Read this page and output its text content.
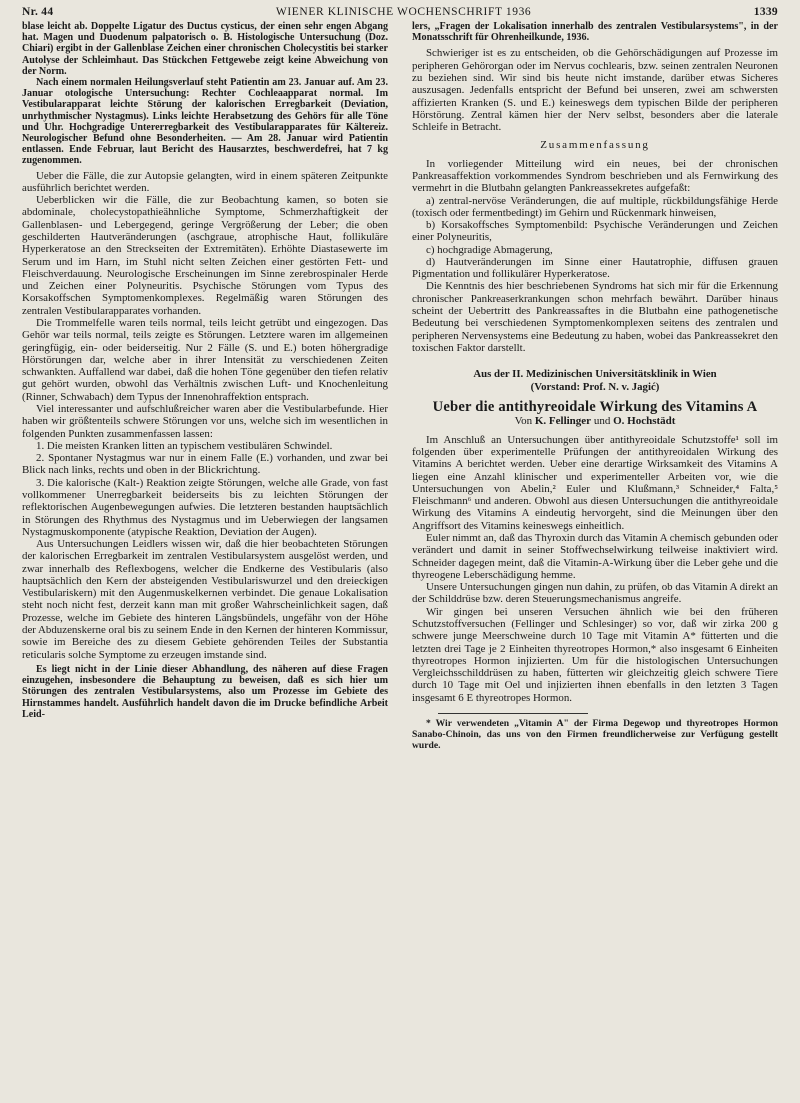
Nr. 44	WIENER KLINISCHE WOCHENSCHRIFT 1936	1339

blase leicht ab. Doppelte Ligatur des Ductus cysticus, der einen sehr engen Abgang hat. Magen und Duodenum palpatorisch o. B. Histologische Untersuchung (Doz. Chiari) ergibt in der Gallenblase Zeichen einer chronischen Cholecystitis bei starker Autolyse der Schleimhaut. Das Stückchen Fettgewebe zeigt keine Abweichung von der Norm.

Nach einem normalen Heilungsverlauf steht Patientin am 23. Januar auf. Am 23. Januar otologische Untersuchung: Rechter Cochleaapparat normal. Im Vestibularapparat leichte Störung der kalorischen Erregbarkeit (Deviation, unrhythmischer Nystagmus). Links leichte Herabsetzung des Gehörs für alle Töne und Uhr. Hochgradige Untererregbarkeit des Vestibularapparates für Kältereiz. Neurologischer Befund ohne Besonderheiten. — Am 28. Januar wird Patientin entlassen. Ende Februar, laut Bericht des Hausarztes, beschwerdefrei, hat 7 kg zugenommen.

Ueber die Fälle, die zur Autopsie gelangten, wird in einem späteren Zeitpunkte ausführlich berichtet werden.

Ueberblicken wir die Fälle, die zur Beobachtung kamen, so boten sie abdominale, cholecystopathieähnliche Symptome, Schmerzhaftigkeit der Gallenblasen- und Lebergegend, geringe Vergrößerung der Leber; die oben geschilderten Hautveränderungen (aschgraue, atrophische Haut, follikuläre Hyperkeratose an den Streckseiten der Extremitäten). Erhöhte Diastasewerte im Serum und im Harn, im Stuhl nicht selten Zeichen einer gestörten Fett- und Fleischverdauung. Neurologische Erscheinungen im Sinne zerebrospinaler Herde und Zeichen einer Polyneuritis. Psychische Störungen vom Typus des Korsakoffschen Symptomenkomplexes. Regelmäßig waren Störungen des zentralen Vestibularapparates vorhanden.

Die Trommelfelle waren teils normal, teils leicht getrübt und eingezogen. Das Gehör war teils normal, teils zeigte es Störungen. Letztere waren im allgemeinen geringfügig, ein- oder beiderseitig. Nur 2 Fälle (S. und E.) boten höhergradige Hörstörungen dar, welche aber in ihrer Intensität zu verschiedenen Zeiten schwankten. Auffallend war dabei, daß die hohen Töne gegenüber den tiefen relativ gut gehört wurden, obwohl das Verhältnis zwischen Luft- und Knochenleitung (Rinner, Schwabach) dem Typus der Innenohraffektion entsprach.

Viel interessanter und aufschlußreicher waren aber die Vestibularbefunde. Hier haben wir größtenteils schwere Störungen vor uns, welche sich im wesentlichen in folgenden Punkten zusammenfassen lassen:

1. Die meisten Kranken litten an typischem vestibulären Schwindel.

2. Spontaner Nystagmus war nur in einem Falle (E.) vorhanden, und zwar bei Blick nach links, rechts und oben in der Blickrichtung.

3. Die kalorische (Kalt-) Reaktion zeigte Störungen, welche alle Grade, von fast vollkommener Unerregbarkeit beiderseits bis zu leichten Störungen der reflektorischen Augenbewegungen aufwies. Die letzteren bestanden hauptsächlich in Störungen des Rhythmus des Nystagmus und im Ueberwiegen der langsamen Nystagmuskomponente (atypische Reaktion, Deviation der Augen).

Aus Untersuchungen Leidlers wissen wir, daß die hier beobachteten Störungen der kalorischen Erregbarkeit im zentralen Vestibularsystem ausgelöst werden, und zwar innerhalb des Reflexbogens, welcher die Endkerne des Vestibularis (also hauptsächlich den Kern der absteigenden Vestibulariswurzel und den dreieckigen Vestibulariskern) mit den Augenmuskelkernen verbindet. Die genaue Lokalisation steht noch nicht fest, derzeit kann man mit großer Wahrscheinlichkeit sagen, daß Prozesse, welche im Gebiete des hinteren Längsbündels, ungefähr von der Höhe der Abduzenskerne oral bis zu seinem Ende in den Kernen der hinteren Kommissur, sowie im Bereiche des zu diesem Gebiete gehörenden Teiles der Substantia reticularis solche Symptome zu erzeugen imstande sind.

Es liegt nicht in der Linie dieser Abhandlung, des näheren auf diese Fragen einzugehen, insbesondere die Behauptung zu beweisen, daß es sich hier um Störungen des zentralen Vestibularsystems, also um Prozesse im Gebiete des Hirnstammes handelt. Ausführlich handelt davon die im Drucke befindliche Arbeit Leid-

lers, „Fragen der Lokalisation innerhalb des zentralen Vestibularsystems", in der Monatsschrift für Ohrenheilkunde, 1936.

Schwieriger ist es zu entscheiden, ob die Gehörschädigungen auf Prozesse im peripheren Gehörorgan oder im Nervus cochlearis, bzw. seinen zentralen Neuronen zu beziehen sind. Wir sind bis heute nicht imstande, darüber etwas Sicheres auszusagen. Jedenfalls entspricht der Befund bei unseren, zwei am schwersten affizierten Kranken (S. und E.) keineswegs dem typischen Bilde der peripheren Hörstörung. Zentral kämen hier der Nerv selbst, besonders aber die laterale Schleife in Betracht.

Zusammenfassung

In vorliegender Mitteilung wird ein neues, bei der chronischen Pankreasaffektion vorkommendes Syndrom beschrieben und als Fernwirkung des vermehrt in die Blutbahn gelangten Pankreassekretes aufgefaßt:

a) zentral-nervöse Veränderungen, die auf multiple, rückbildungsfähige Herde (toxisch oder fermentbedingt) im Gehirn und Rückenmark hinweisen,

b) Korsakoffsches Symptomenbild: Psychische Veränderungen und Zeichen einer Polyneuritis,

c) hochgradige Abmagerung,

d) Hautveränderungen im Sinne einer Hautatrophie, diffusen grauen Pigmentation und follikulärer Hyperkeratose.

Die Kenntnis des hier beschriebenen Syndroms hat sich mir für die Erkennung chronischer Pankreaserkrankungen schon mehrfach bewährt. Darüber hinaus scheint der Uebertritt des Pankreassaftes in die Blutbahn eine pathogenetische Bedeutung bei verschiedenen Symptomenkomplexen seitens des zentralen und peripheren Nervensystems eine Bedeutung zu haben, wobei das Pankreassekret den toxischen Faktor darstellt.

Aus der II. Medizinischen Universitätsklinik in Wien
(Vorstand: Prof. N. v. Jagić)
Ueber die antithyreoidale Wirkung des Vitamins A
Von K. Fellinger und O. Hochstädt

Im Anschluß an Untersuchungen über antithyreoidale Schutzstoffe¹ soll im folgenden über experimentelle Prüfungen der antithyreoidalen Wirkung des Vitamins A berichtet werden. Ueber eine derartige Wirksamkeit des Vitamins A liegen eine Anzahl klinischer und experimenteller Arbeiten vor, wie die Untersuchungen von Abelin,² Euler und Klußmann,³ Schneider,⁴ Falta,⁵ Fleischmann⁶ und anderen. Obwohl aus diesen Untersuchungen die antithyreoidale Wirkung des Vitamins A eindeutig hervorgeht, sind die Meinungen über den Angriffsort des Vitamins keineswegs einheitlich.

Euler nimmt an, daß das Thyroxin durch das Vitamin A chemisch gebunden oder verändert und damit in seiner Stoffwechselwirkung teilweise inaktiviert wird. Schneider dagegen meint, daß die Vitamin-A-Wirkung über die Leber gehe und die thyreogene Leberschädigung hemme.

Unsere Untersuchungen gingen nun dahin, zu prüfen, ob das Vitamin A direkt an der Schilddrüse bzw. deren Steuerungsmechanismus angreife.

Wir gingen bei unseren Versuchen ähnlich wie bei den früheren Schutzstoffversuchen (Fellinger und Schlesinger) so vor, daß wir zirka 200 g schwere junge Meerschweine durch 10 Tage mit Vitamin A* fütterten und die letzten drei Tage je 2 Einheiten thyreotropes Hormon,* also insgesamt 6 Einheiten thyreotropes Hormon injizierten. Um für die histologischen Untersuchungen Vergleichsschilddrüsen zu haben, fütterten wir gleichzeitig gleich schwere Tiere durch 10 Tage mit Oel und injizierten ihnen ebenfalls in den letzten 3 Tagen insgesamt 6 E thyreotropes Hormon.

* Wir verwendeten „Vitamin A" der Firma Degewop und thyreotropes Hormon Sanabo-Chinoin, das uns von den Firmen freundlicherweise zur Verfügung gestellt wurde.
